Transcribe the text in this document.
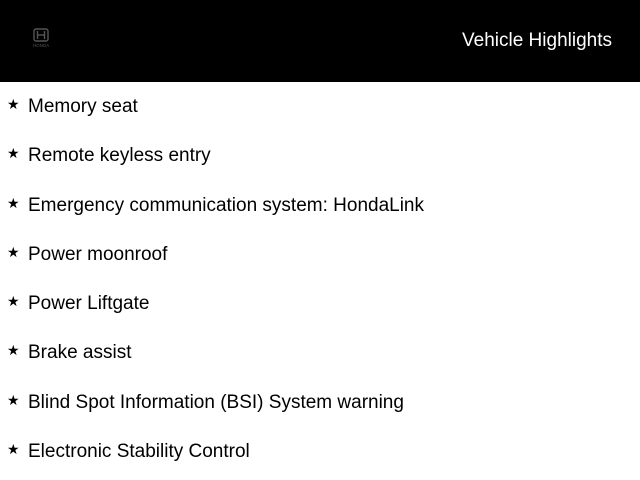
HONDA	Vehicle Highlights
★ Memory seat
★ Remote keyless entry
★ Emergency communication system: HondaLink
★ Power moonroof
★ Power Liftgate
★ Brake assist
★ Blind Spot Information (BSI) System warning
★ Electronic Stability Control
